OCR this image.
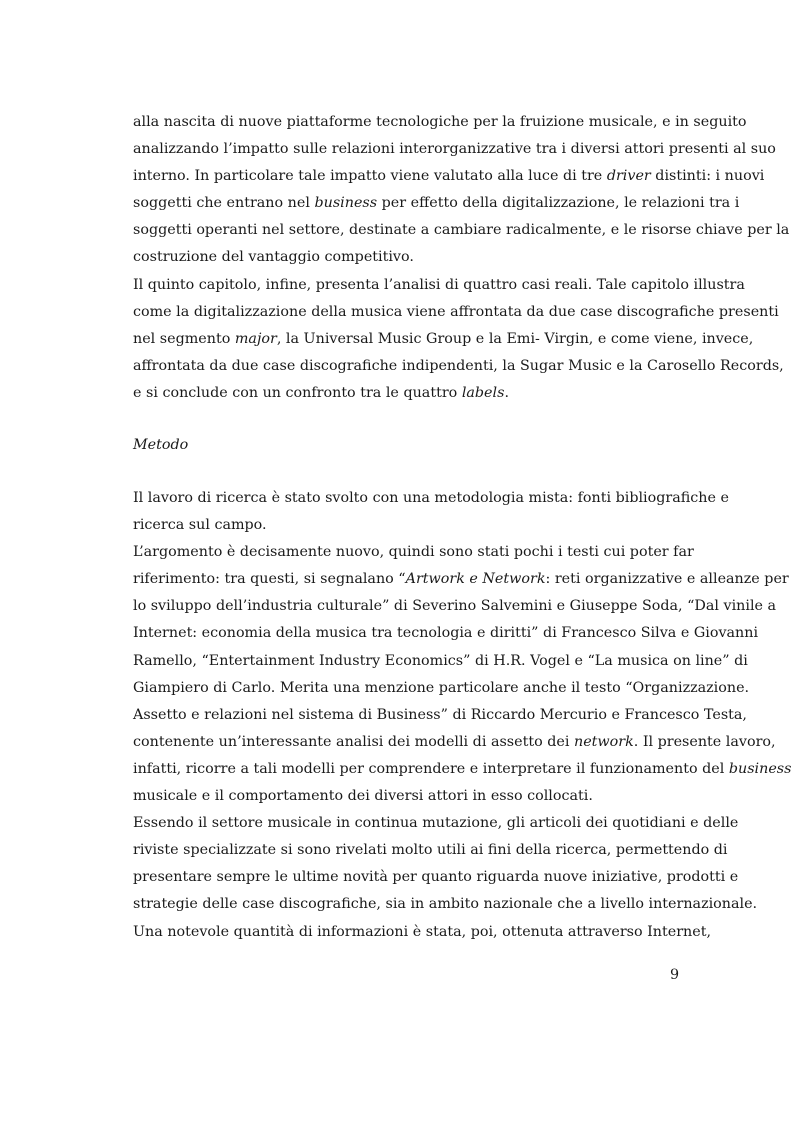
alla nascita di nuove piattaforme tecnologiche per la fruizione musicale, e in seguito
analizzando l’impatto sulle relazioni interorganizzative tra i diversi attori presenti al suo
interno. In particolare tale impatto viene valutato alla luce di tre driver distinti: i nuovi
soggetti che entrano nel business per effetto della digitalizzazione, le relazioni tra i
soggetti operanti nel settore, destinate a cambiare radicalmente, e le risorse chiave per la
costruzione del vantaggio competitivo.
Il quinto capitolo, infine, presenta l’analisi di quattro casi reali. Tale capitolo illustra
come la digitalizzazione della musica viene affrontata da due case discografiche presenti
nel segmento major, la Universal Music Group e la Emi- Virgin, e come viene, invece,
affrontata da due case discografiche indipendenti, la Sugar Music e la Carosello Records,
e si conclude con un confronto tra le quattro labels.
Metodo
Il lavoro di ricerca è stato svolto con una metodologia mista: fonti bibliografiche e
ricerca sul campo.
L’argomento è decisamente nuovo, quindi sono stati pochi i testi cui poter far
riferimento: tra questi, si segnalano “Artwork e Network: reti organizzative e alleanze per
lo sviluppo dell’industria culturale” di Severino Salvemini e Giuseppe Soda, “Dal vinile a
Internet: economia della musica tra tecnologia e diritti” di Francesco Silva e Giovanni
Ramello, “Entertainment Industry Economics” di H.R. Vogel e “La musica on line” di
Giampiero di Carlo. Merita una menzione particolare anche il testo “Organizzazione.
Assetto e relazioni nel sistema di Business” di Riccardo Mercurio e Francesco Testa,
contenente un’interessante analisi dei modelli di assetto dei network. Il presente lavoro,
infatti, ricorre a tali modelli per comprendere e interpretare il funzionamento del business
musicale e il comportamento dei diversi attori in esso collocati.
Essendo il settore musicale in continua mutazione, gli articoli dei quotidiani e delle
riviste specializzate si sono rivelati molto utili ai fini della ricerca, permettendo di
presentare sempre le ultime novità per quanto riguarda nuove iniziative, prodotti e
strategie delle case discografiche, sia in ambito nazionale che a livello internazionale.
Una notevole quantità di informazioni è stata, poi, ottenuta attraverso Internet,
9
